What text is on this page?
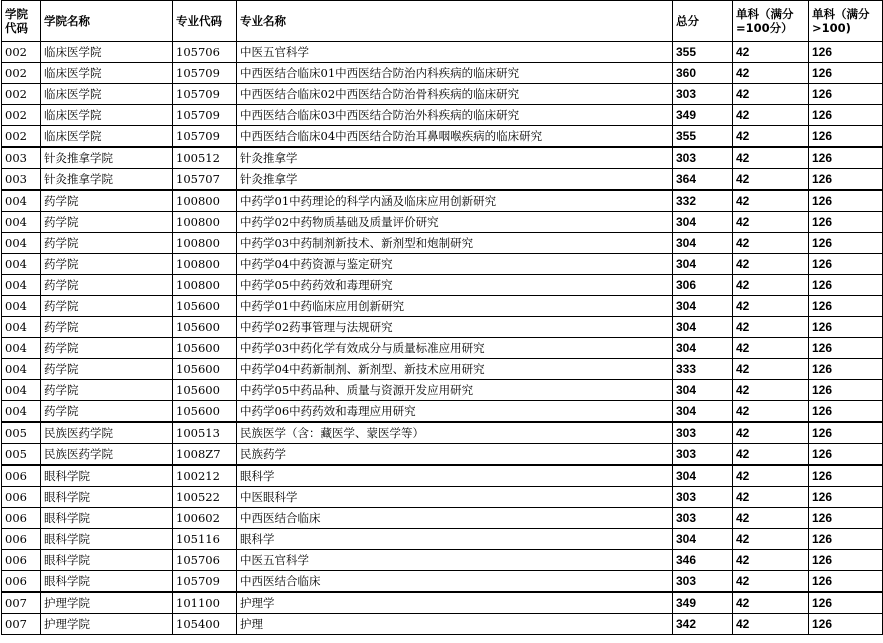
学院代码	学院名称	专业代码	专业名称	总分	单科（满分=100分）	单科（满分>100)
002	临床医学院	105706	中医五官科学	355	42	126
002	临床医学院	105709	中西医结合临床01中西医结合防治内科疾病的临床研究	360	42	126
002	临床医学院	105709	中西医结合临床02中西医结合防治骨科疾病的临床研究	303	42	126
002	临床医学院	105709	中西医结合临床03中西医结合防治外科疾病的临床研究	349	42	126
002	临床医学院	105709	中西医结合临床04中西医结合防治耳鼻咽喉疾病的临床研究	355	42	126
003	针灸推拿学院	100512	针灸推拿学	303	42	126
003	针灸推拿学院	105707	针灸推拿学	364	42	126
004	药学院	100800	中药学01中药理论的科学内涵及临床应用创新研究	332	42	126
004	药学院	100800	中药学02中药物质基础及质量评价研究	304	42	126
004	药学院	100800	中药学03中药制剂新技术、新剂型和炮制研究	304	42	126
004	药学院	100800	中药学04中药资源与鉴定研究	304	42	126
004	药学院	100800	中药学05中药药效和毒理研究	306	42	126
004	药学院	105600	中药学01中药临床应用创新研究	304	42	126
004	药学院	105600	中药学02药事管理与法规研究	304	42	126
004	药学院	105600	中药学03中药化学有效成分与质量标准应用研究	304	42	126
004	药学院	105600	中药学04中药新制剂、新剂型、新技术应用研究	333	42	126
004	药学院	105600	中药学05中药品种、质量与资源开发应用研究	304	42	126
004	药学院	105600	中药学06中药药效和毒理应用研究	304	42	126
005	民族医药学院	100513	民族医学（含：藏医学、蒙医学等）	303	42	126
005	民族医药学院	1008Z7	民族药学	303	42	126
006	眼科学院	100212	眼科学	304	42	126
006	眼科学院	100522	中医眼科学	303	42	126
006	眼科学院	100602	中西医结合临床	303	42	126
006	眼科学院	105116	眼科学	304	42	126
006	眼科学院	105706	中医五官科学	346	42	126
006	眼科学院	105709	中西医结合临床	303	42	126
007	护理学院	101100	护理学	349	42	126
007	护理学院	105400	护理	342	42	126
